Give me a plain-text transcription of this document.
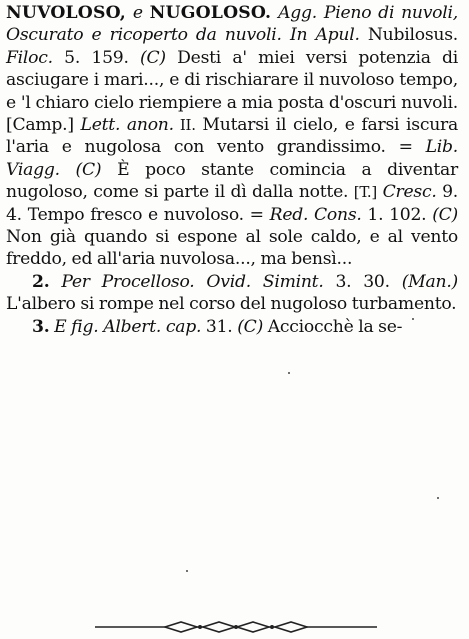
NUVOLOSO, e NUGOLOSO. Agg. Pieno di nuvoli, Oscurato e ricoperto da nuvoli. In Apul. Nubilosus. Filoc. 5. 159. (C) Desti a' miei versi potenzia di asciugare i mari..., e di rischiarare il nuvoloso tempo, e 'l chiaro cielo riempiere a mia posta d'oscuri nuvoli. [Camp.] Lett. anon. II. Mutarsi il cielo, e farsi iscura l'aria e nugolosa con vento grandissimo. = Lib. Viagg. (C) È poco stante comincia a diventar nugoloso, come si parte il dì dalla notte. [T.] Cresc. 9. 4. Tempo fresco e nuvoloso. = Red. Cons. 1. 102. (C) Non già quando si espone al sole caldo, e al vento freddo, ed all'aria nuvolosa..., ma bensì...

2. Per Procelloso. Ovid. Simint. 3. 30. (Man.) L'albero si rompe nel corso del nugoloso turbamento.

3. E fig. Albert. cap. 31. (C) Acciocchè la se-
